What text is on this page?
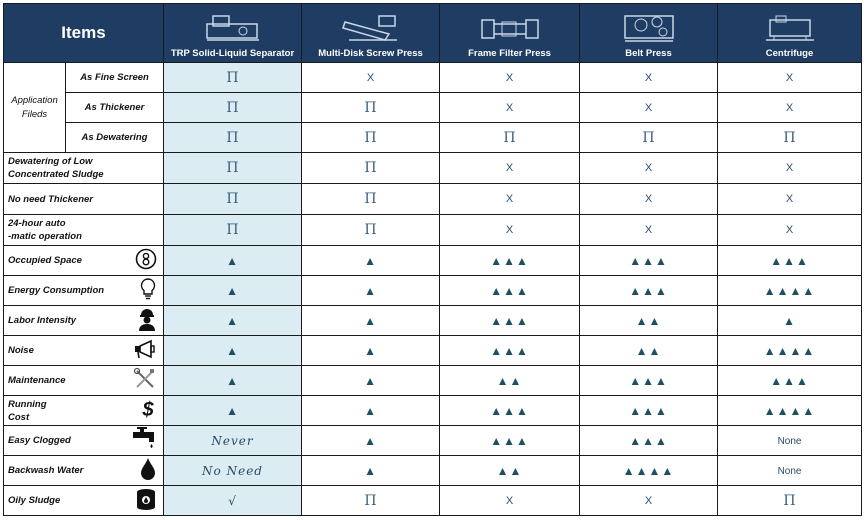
Items		TRP Solid-Liquid Separator	Multi-Disk Screw Press	Frame Filter Press	Belt Press	Centrifuge

Application
Fileds	As Fine Screen	Π	X	X	X	X
	As Thickener	Π	Π	X	X	X
	As Dewatering	Π	Π	Π	Π	Π

Dewatering of Low
Concentrated Sludge		Π	Π	X	X	X

No need Thickener		Π	Π	X	X	X

24-hour auto
-matic operation		Π	Π	X	X	X

Occupied Space		▲	▲	▲▲▲	▲▲▲	▲▲▲

Energy Consumption		▲	▲	▲▲▲	▲▲▲	▲▲▲▲

Labor Intensity		▲	▲	▲▲▲	▲▲	▲

Noise		▲	▲	▲▲▲	▲▲	▲▲▲▲

Maintenance		▲	▲	▲▲	▲▲▲	▲▲▲

Running
Cost $		▲	▲	▲▲▲	▲▲▲	▲▲▲▲

Easy Clogged		Never	▲	▲▲▲	▲▲▲	None

Backwash Water		No Need	▲	▲▲	▲▲▲▲	None

Oily Sludge		√	Π	X	X	Π
